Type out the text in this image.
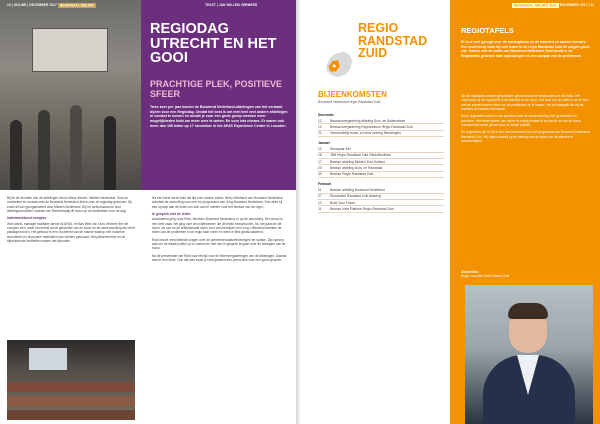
10 | ONLINE | DECEMBER 2017 REGIONAAL NIEUWS	TEKST | JAN WILLEM VERMEER
REGIODAG UTRECHT EN HET GOOI
PRACHTIGE PLEK, POSITIEVE SFEER
Twee keer per jaar komen de Bouwend Nederland-afdelingen van het verband bijeen voor een Regiodag. Omdat het best is om met heel veel andere afdelingen in contact te komen en omdat je voor een grote groep mensen meer mogelijkheden hebt om meer over te weten. En voor iets nieuws. Er waren ook meer dan 100 leden op 17 november in het AFAS Experience Center in Leusden.

Bij de dit dit laden van de afdelingen Noord-West Utrecht, Midden-Nederland, Gooi en omstreken en bouwen met de Bouwend Nederland-leden over de regiodag gekomen. Bij zoals dit kan georganiseerd door Midden-Nederland. Bij het welkomstwoord door afdelingsvoorzitter Jolanda van Ravenswaaij dit focus op de kandidaten voor de dag.

Indrukwekkend complex

Wim Maris, manager facilitaire dienst bij AFAS, en Bas Beld van Ours Vermeer liet het complex zien, waar een beeld wordt geschetst van de bouw en de samenwerking die heeft plaatsgevonden. Het gebouw is een voorbeeld van de manier waarop met moderne technieken en duurzame materialen kan worden gebouwd. Het parkeerterrein en de bijbehorende faciliteiten maken het bijzonder.

Na een korte borrel was het tijd voor andere zaken. Berry Westland van Bouwend Nederland schetste de aanvulling voor een vol programma van Jong Bouwend Nederland. Ook deed hij een oproep aan de leden om zich aan te melden voor het bestuur van de regio.

In gesprek met de leden

Aansluitend ging Joep Rots, directeur Bouwend Nederland, in op de aanvulling. Het woord is een hele zaak; het ging over de onderwerpen die de leden bezighouden. Nu het gaat om de lonen, de cao en de arbeidsmarkt dat is voor veel bedrijven een zorg. Uiteraard brachten de leden ook de problemen in de regio naar voren en werd er flink gediscussieerd.

Rots bracht verschillende vragen over de gemeenteraadsverkiezingen ter sprake. Zijn oproep was om de lokale politici op te zoeken en met hen in gesprek te gaan over de belangen van de bouw.

Na de presentatie van Rots was het tijd voor de ledenvergaderingen van de afdelingen. Daarna was er een diner. Ook dat was zoals je hebt gewend een prima plek voor een goed gesprek.

REGIONAAL NIEUWS ZUID DECEMBER 2017 | 11
REGIO
RANDSTAD
ZUID
BIJEENKOMSTEN
Bouwend Nederland regio Randstad Zuid
December
12	Bestuursvergadering afdeling Duin- en Bollenstreek
13	Bestuursvergadering Regiobestuur Regio Randstad Zuid
21	Gemeentelijk bouw- en infra overleg Nieuwegein
Januari
12	Nieuwjaar Info
16	JBN Regio Randstad Zuid Oliebollenfeest
17	Bestuur afdeling Midden Zuid Holland
23	Bestuur afdeling Duin- en Randstad
30	Bestuur Regio Randstad Zuid
Februari
01	Bestuur afdeling Bouwend Nederland
07	Rondetafel Randstad Zuid afdeling
13	Build Your Future
21	Bestuur Infra Platform Regio Randstad Zuid
REGIOTAFELS
Er is al veel gezegd over de woningbouw en de tekorten en andere thema's. Een onderwerp waar bij veel leden in de regio Randstad Zuid de zorgen groot zijn. Samen met de leden van Bouwend Nederland Zuid wordt in de Regiotafels gekeken naar oplossingen en een aanpak van de problemen.

Op de regiotafels worden gesprekken gevoerd door de bestuurders en de leden. Het onderwerp bij de regiotafels is de kwaliteit en de bouw. Het doel van de tafels is om te zien wat we samen kunnen doen om de problemen op te lossen. Het is belangrijk dat wij als bouwers de handen ineenslaan.

Bij de regiotafels wordt er ook gekeken naar de samenwerking met gemeenten en provincie. Veel leden geven aan dat er te weinig contact is en dat de rol van de bouw onvoldoende wordt gezien door de lokale politiek.

De regiotafels zijn in 2018 een vast onderdeel van het programma van Bouwend Nederland Randstad Zuid. Wij hopen daarbij op de inbreng van de leden om de plannen te verwezenlijken.

Gerard Bos
Regio voorzitter Zuid Holland Zuid
